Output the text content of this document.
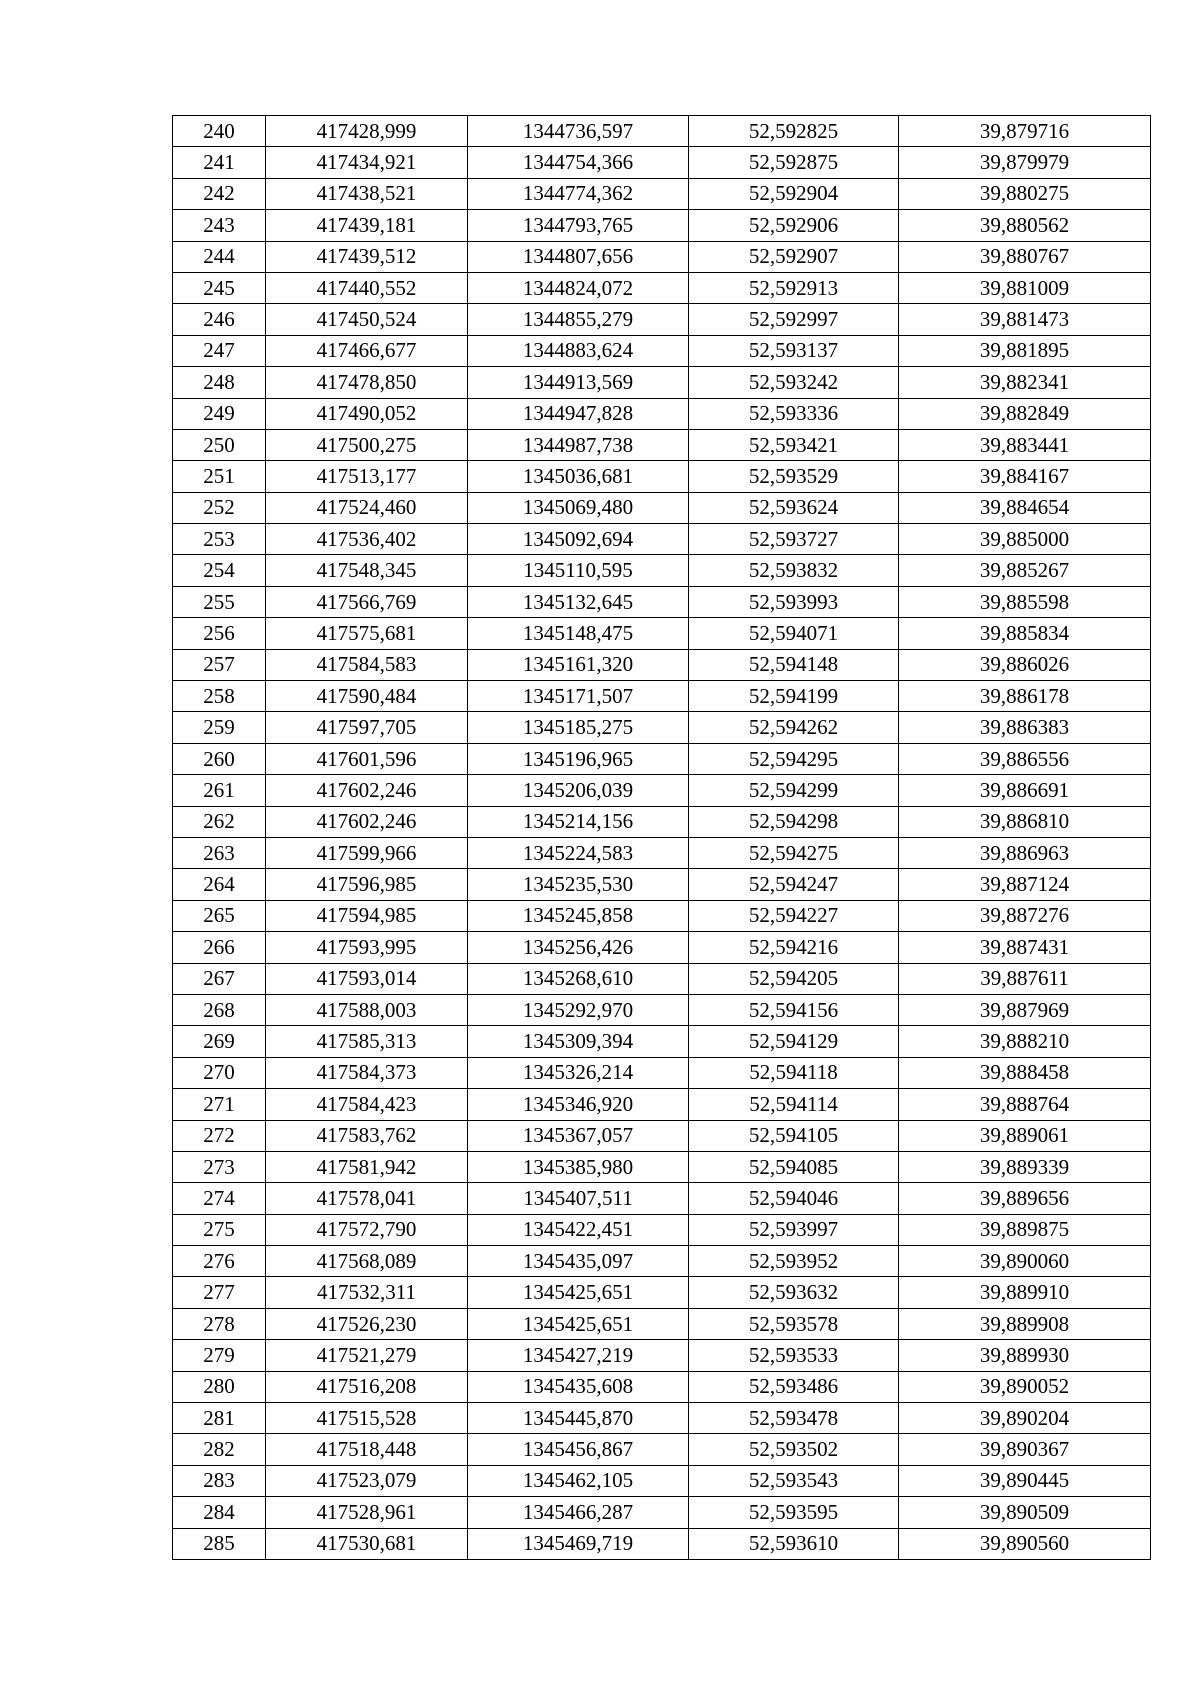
240	417428,999	1344736,597	52,592825	39,879716
241	417434,921	1344754,366	52,592875	39,879979
242	417438,521	1344774,362	52,592904	39,880275
243	417439,181	1344793,765	52,592906	39,880562
244	417439,512	1344807,656	52,592907	39,880767
245	417440,552	1344824,072	52,592913	39,881009
246	417450,524	1344855,279	52,592997	39,881473
247	417466,677	1344883,624	52,593137	39,881895
248	417478,850	1344913,569	52,593242	39,882341
249	417490,052	1344947,828	52,593336	39,882849
250	417500,275	1344987,738	52,593421	39,883441
251	417513,177	1345036,681	52,593529	39,884167
252	417524,460	1345069,480	52,593624	39,884654
253	417536,402	1345092,694	52,593727	39,885000
254	417548,345	1345110,595	52,593832	39,885267
255	417566,769	1345132,645	52,593993	39,885598
256	417575,681	1345148,475	52,594071	39,885834
257	417584,583	1345161,320	52,594148	39,886026
258	417590,484	1345171,507	52,594199	39,886178
259	417597,705	1345185,275	52,594262	39,886383
260	417601,596	1345196,965	52,594295	39,886556
261	417602,246	1345206,039	52,594299	39,886691
262	417602,246	1345214,156	52,594298	39,886810
263	417599,966	1345224,583	52,594275	39,886963
264	417596,985	1345235,530	52,594247	39,887124
265	417594,985	1345245,858	52,594227	39,887276
266	417593,995	1345256,426	52,594216	39,887431
267	417593,014	1345268,610	52,594205	39,887611
268	417588,003	1345292,970	52,594156	39,887969
269	417585,313	1345309,394	52,594129	39,888210
270	417584,373	1345326,214	52,594118	39,888458
271	417584,423	1345346,920	52,594114	39,888764
272	417583,762	1345367,057	52,594105	39,889061
273	417581,942	1345385,980	52,594085	39,889339
274	417578,041	1345407,511	52,594046	39,889656
275	417572,790	1345422,451	52,593997	39,889875
276	417568,089	1345435,097	52,593952	39,890060
277	417532,311	1345425,651	52,593632	39,889910
278	417526,230	1345425,651	52,593578	39,889908
279	417521,279	1345427,219	52,593533	39,889930
280	417516,208	1345435,608	52,593486	39,890052
281	417515,528	1345445,870	52,593478	39,890204
282	417518,448	1345456,867	52,593502	39,890367
283	417523,079	1345462,105	52,593543	39,890445
284	417528,961	1345466,287	52,593595	39,890509
285	417530,681	1345469,719	52,593610	39,890560
